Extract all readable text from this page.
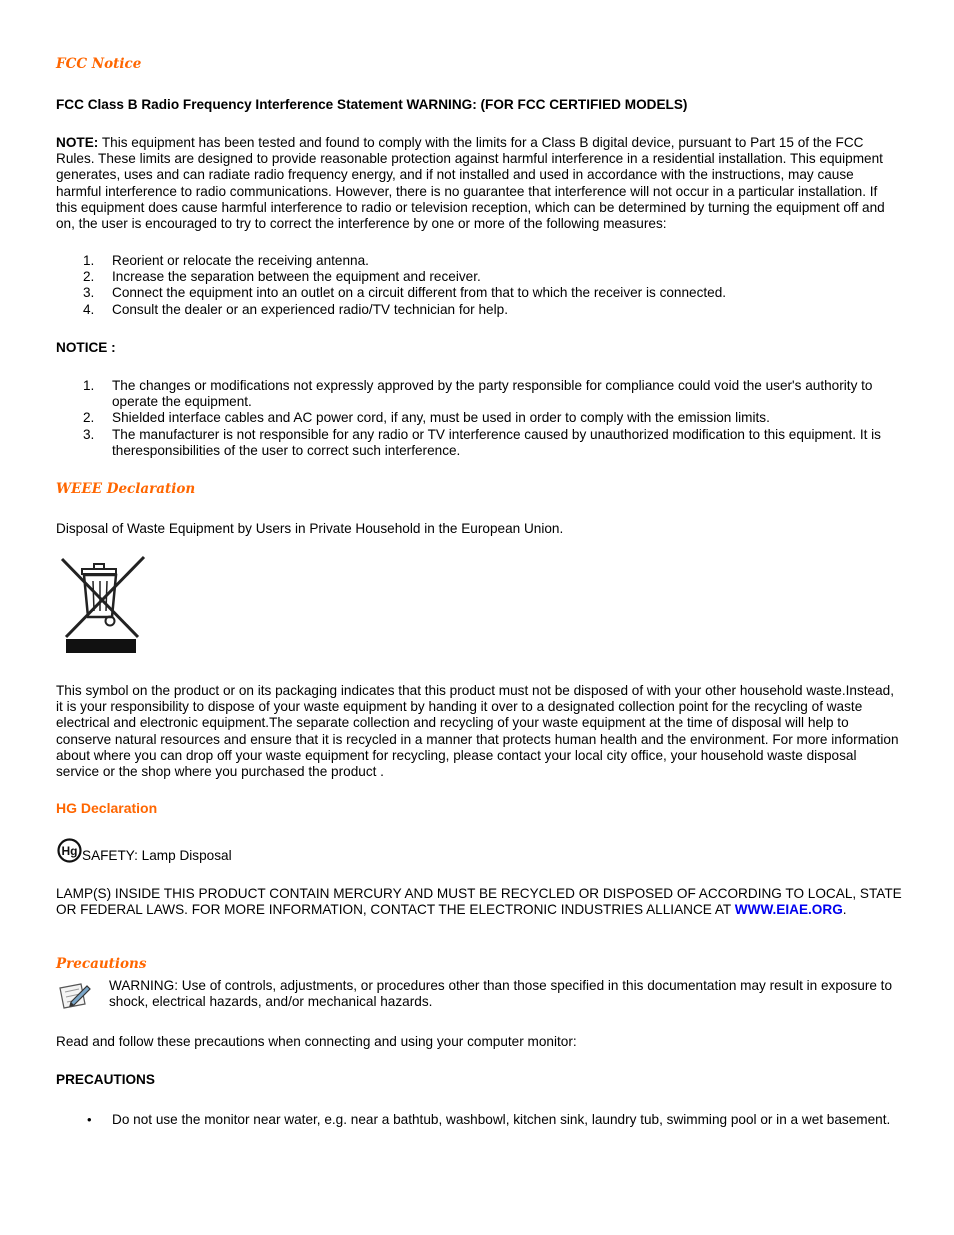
FCC Notice
FCC Class B Radio Frequency Interference Statement WARNING: (FOR FCC CERTIFIED MODELS)
NOTE: This equipment has been tested and found to comply with the limits for a Class B digital device, pursuant to Part 15 of the FCC Rules. These limits are designed to provide reasonable protection against harmful interference in a residential installation. This equipment generates, uses and can radiate radio frequency energy, and if not installed and used in accordance with the instructions, may cause harmful interference to radio communications. However, there is no guarantee that interference will not occur in a particular installation. If this equipment does cause harmful interference to radio or television reception, which can be determined by turning the equipment off and on, the user is encouraged to try to correct the interference by one or more of the following measures:
1.	Reorient or relocate the receiving antenna.
2.	Increase the separation between the equipment and receiver.
3.	Connect the equipment into an outlet on a circuit different from that to which the receiver is connected.
4.	Consult the dealer or an experienced radio/TV technician for help.
NOTICE :
1.	The changes or modifications not expressly approved by the party responsible for compliance could void the user's authority to operate the equipment.
2.	Shielded interface cables and AC power cord, if any, must be used in order to comply with the emission limits.
3.	The manufacturer is not responsible for any radio or TV interference caused by unauthorized modification to this equipment. It is theresponsibilities of the user to correct such interference.
WEEE Declaration
Disposal of Waste Equipment by Users in Private Household in the European Union.
This symbol on the product or on its packaging indicates that this product must not be disposed of with your other household waste.Instead, it is your responsibility to dispose of your waste equipment by handing it over to a designated collection point for the recycling of waste electrical and electronic equipment.The separate collection and recycling of your waste equipment at the time of disposal will help to conserve natural resources and ensure that it is recycled in a manner that protects human health and the environment. For more information about where you can drop off your waste equipment for recycling, please contact your local city office, your household waste disposal service or the shop where you purchased the product .
HG Declaration
Hg SAFETY: Lamp Disposal
LAMP(S) INSIDE THIS PRODUCT CONTAIN MERCURY AND MUST BE RECYCLED OR DISPOSED OF ACCORDING TO LOCAL, STATE OR FEDERAL LAWS. FOR MORE INFORMATION, CONTACT THE ELECTRONIC INDUSTRIES ALLIANCE AT WWW.EIAE.ORG.
Precautions
WARNING: Use of controls, adjustments, or procedures other than those specified in this documentation may result in exposure to shock, electrical hazards, and/or mechanical hazards.
Read and follow these precautions when connecting and using your computer monitor:
PRECAUTIONS
• Do not use the monitor near water, e.g. near a bathtub, washbowl, kitchen sink, laundry tub, swimming pool or in a wet basement.
